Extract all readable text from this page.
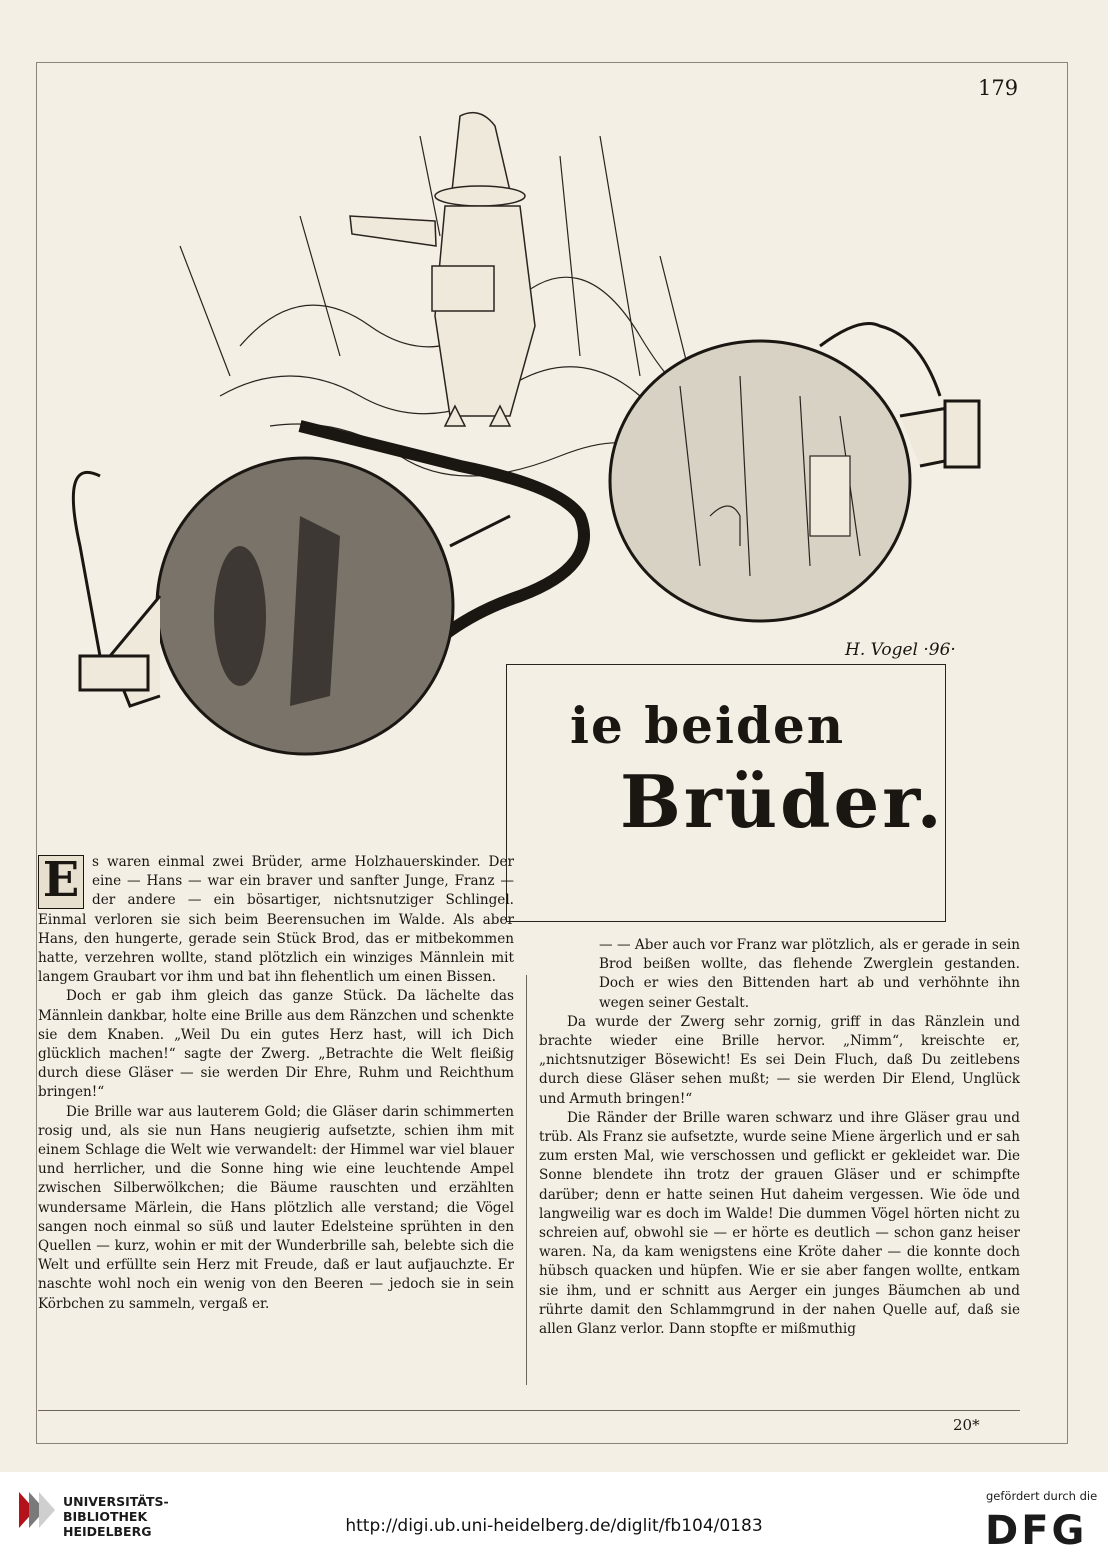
179
H. Vogel ·96·
ie beiden
Brüder.

E s waren einmal zwei Brüder, arme Holzhauerskinder. Der eine — Hans — war ein braver und sanfter Junge, Franz — der andere — ein bösartiger, nichtsnutziger Schlingel. Einmal verloren sie sich beim Beerensuchen im Walde. Als aber Hans, den hungerte, gerade sein Stück Brod, das er mitbekommen hatte, verzehren wollte, stand plötzlich ein winziges Männlein mit langem Graubart vor ihm und bat ihn flehentlich um einen Bissen.

Doch er gab ihm gleich das ganze Stück. Da lächelte das Männlein dankbar, holte eine Brille aus dem Ränzchen und schenkte sie dem Knaben. „Weil Du ein gutes Herz hast, will ich Dich glücklich machen!“ sagte der Zwerg. „Betrachte die Welt fleißig durch diese Gläser — sie werden Dir Ehre, Ruhm und Reichthum bringen!“

Die Brille war aus lauterem Gold; die Gläser darin schimmerten rosig und, als sie nun Hans neugierig aufsetzte, schien ihm mit einem Schlage die Welt wie verwandelt: der Himmel war viel blauer und herrlicher, und die Sonne hing wie eine leuchtende Ampel zwischen Silberwölkchen; die Bäume rauschten und erzählten wundersame Märlein, die Hans plötzlich alle verstand; die Vögel sangen noch einmal so süß und lauter Edelsteine sprühten in den Quellen — kurz, wohin er mit der Wunderbrille sah, belebte sich die Welt und erfüllte sein Herz mit Freude, daß er laut aufjauchzte. Er naschte wohl noch ein wenig von den Beeren — jedoch sie in sein Körbchen zu sammeln, vergaß er.

— — Aber auch vor Franz war plötzlich, als er gerade in sein Brod beißen wollte, das flehende Zwerglein gestanden. Doch er wies den Bittenden hart ab und verhöhnte ihn wegen seiner Gestalt.

Da wurde der Zwerg sehr zornig, griff in das Ränzlein und brachte wieder eine Brille hervor. „Nimm“, kreischte er, „nichtsnutziger Bösewicht! Es sei Dein Fluch, daß Du zeitlebens durch diese Gläser sehen mußt; — sie werden Dir Elend, Unglück und Armuth bringen!“

Die Ränder der Brille waren schwarz und ihre Gläser grau und trüb. Als Franz sie aufsetzte, wurde seine Miene ärgerlich und er sah zum ersten Mal, wie verschossen und geflickt er gekleidet war. Die Sonne blendete ihn trotz der grauen Gläser und er schimpfte darüber; denn er hatte seinen Hut daheim vergessen. Wie öde und langweilig war es doch im Walde! Die dummen Vögel hörten nicht zu schreien auf, obwohl sie — er hörte es deutlich — schon ganz heiser waren. Na, da kam wenigstens eine Kröte daher — die konnte doch hübsch quacken und hüpfen. Wie er sie aber fangen wollte, entkam sie ihm, und er schnitt aus Aerger ein junges Bäumchen ab und rührte damit den Schlammgrund in der nahen Quelle auf, daß sie allen Glanz verlor. Dann stopfte er mißmuthig

20*
UNIVERSITÄTS-
BIBLIOTHEK
HEIDELBERG	http://digi.ub.uni-heidelberg.de/diglit/fb104/0183
gefördert durch die
DFG
